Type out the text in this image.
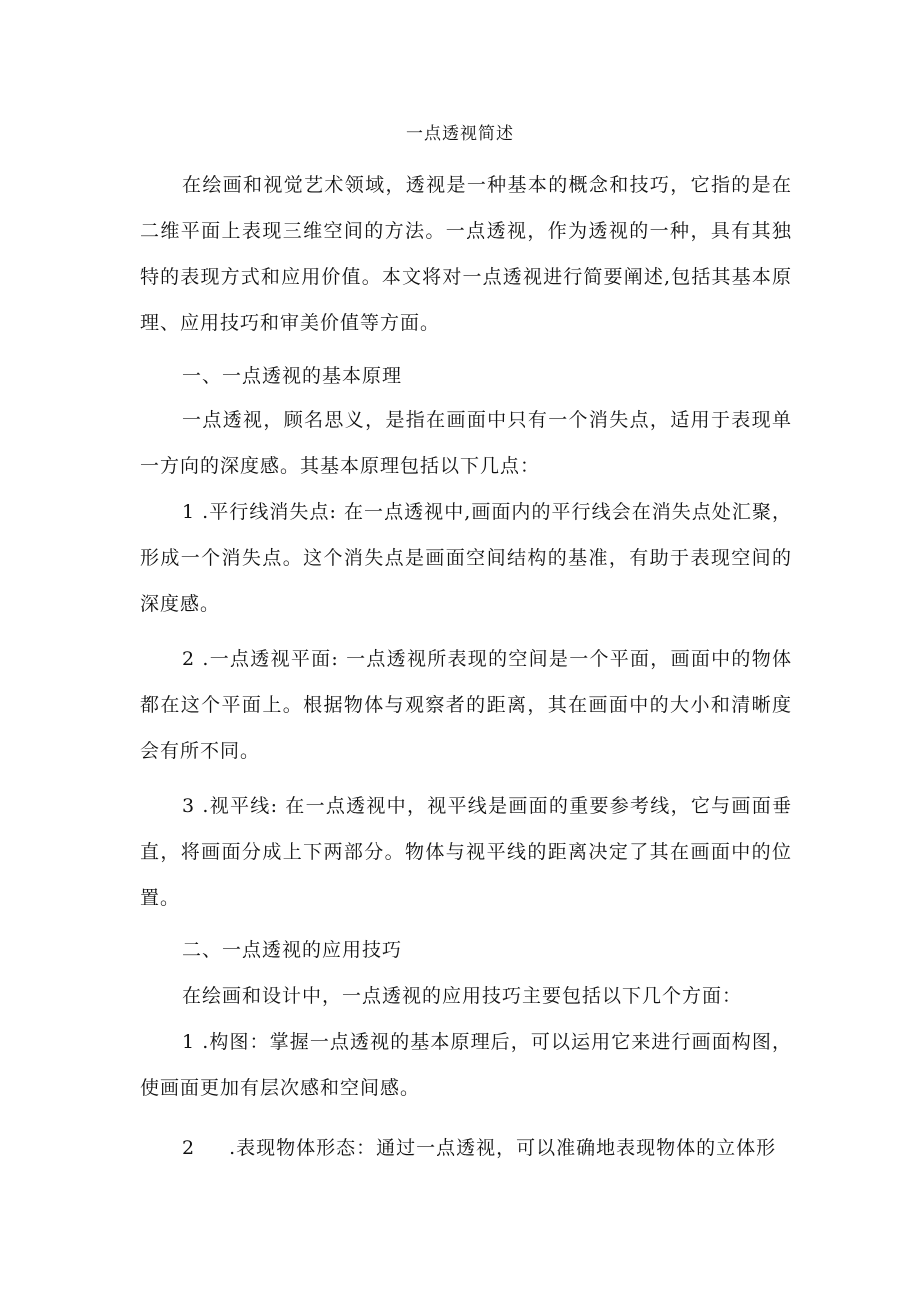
一点透视简述

在绘画和视觉艺术领域，透视是一种基本的概念和技巧，它指的是在二维平面上表现三维空间的方法。一点透视，作为透视的一种，具有其独特的表现方式和应用价值。本文将对一点透视进行简要阐述,包括其基本原理、应用技巧和审美价值等方面。

一、一点透视的基本原理

一点透视，顾名思义，是指在画面中只有一个消失点，适用于表现单一方向的深度感。其基本原理包括以下几点：

1 .平行线消失点: 在一点透视中,画面内的平行线会在消失点处汇聚，形成一个消失点。这个消失点是画面空间结构的基准，有助于表现空间的深度感。

2 .一点透视平面: 一点透视所表现的空间是一个平面，画面中的物体都在这个平面上。根据物体与观察者的距离，其在画面中的大小和清晰度会有所不同。

3 .视平线: 在一点透视中，视平线是画面的重要参考线，它与画面垂直，将画面分成上下两部分。物体与视平线的距离决定了其在画面中的位置。

二、一点透视的应用技巧

在绘画和设计中，一点透视的应用技巧主要包括以下几个方面：

1 .构图：掌握一点透视的基本原理后，可以运用它来进行画面构图，使画面更加有层次感和空间感。

2 .表现物体形态：通过一点透视，可以准确地表现物体的立体形
